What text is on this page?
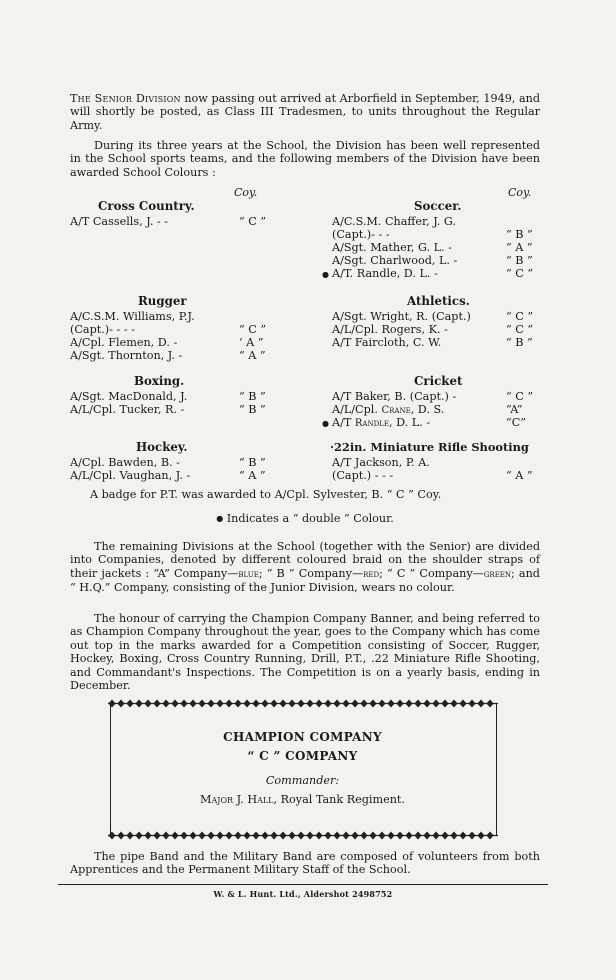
The Senior Division now passing out arrived at Arborfield in September, 1949, and will shortly be posted, as Class III Tradesmen, to units throughout the Regular Army.
During its three years at the School, the Division has been well represented in the School sports teams, and the following members of the Division have been awarded School Colours :
Coy.	Coy.
Cross Country.
A/T Cassells, J. - -	“ C ”
Soccer.
A/C.S.M. Chaffer, J. G.
(Capt.)- - -	“ B ”
A/Sgt. Mather, G. L. -	“ A ”
A/Sgt. Charlwood, L. -	“ B ”
● A/T. Randle, D. L. -	“ C ”
Rugger
A/C.S.M. Williams, P.J.
(Capt.)- - - -	“ C ”
A/Cpl. Flemen, D. -	‘ A ”
A/Sgt. Thornton, J. -	“ A ”
Athletics.
A/Sgt. Wright, R. (Capt.)	“ C ”
A/L/Cpl. Rogers, K. -	“ C ”
A/T Faircloth, C. W.	“ B ”
Boxing.
A/Sgt. MacDonald, J.	“ B ”
A/L/Cpl. Tucker, R. -	“ B ”
Cricket
A/T Baker, B. (Capt.) -	“ C ”
A/L/Cpl. Crane, D. S.	“A”
● A/T Randle, D. L. -	“C”
Hockey.
A/Cpl. Bawden, B. -	“ B ”
A/L/Cpl. Vaughan, J. -	“ A ”
·22in. Miniature Rifle Shooting
A/T Jackson, P. A.
(Capt.) - - -	“ A ”
A badge for P.T. was awarded to A/Cpl. Sylvester, B. “ C ” Coy.
● Indicates a “ double ” Colour.
The remaining Divisions at the School (together with the Senior) are divided into Companies, denoted by different coloured braid on the shoulder straps of their jackets : “A” Company—blue; “ B ” Company—red; “ C ” Company—green; and “ H.Q.” Company, consisting of the Junior Division, wears no colour.
The honour of carrying the Champion Company Banner, and being referred to as Champion Company throughout the year, goes to the Company which has come out top in the marks awarded for a Competition consisting of Soccer, Rugger, Hockey, Boxing, Cross Country Running, Drill, P.T., .22 Miniature Rifle Shooting, and Commandant's Inspections. The Competition is on a yearly basis, ending in December.
CHAMPION COMPANY
“ C ” COMPANY
Commander:
Major J. Hall, Royal Tank Regiment.
The pipe Band and the Military Band are composed of volunteers from both Apprentices and the Permanent Military Staff of the School.
W. & L. Hunt. Ltd., Aldershot 2498752
